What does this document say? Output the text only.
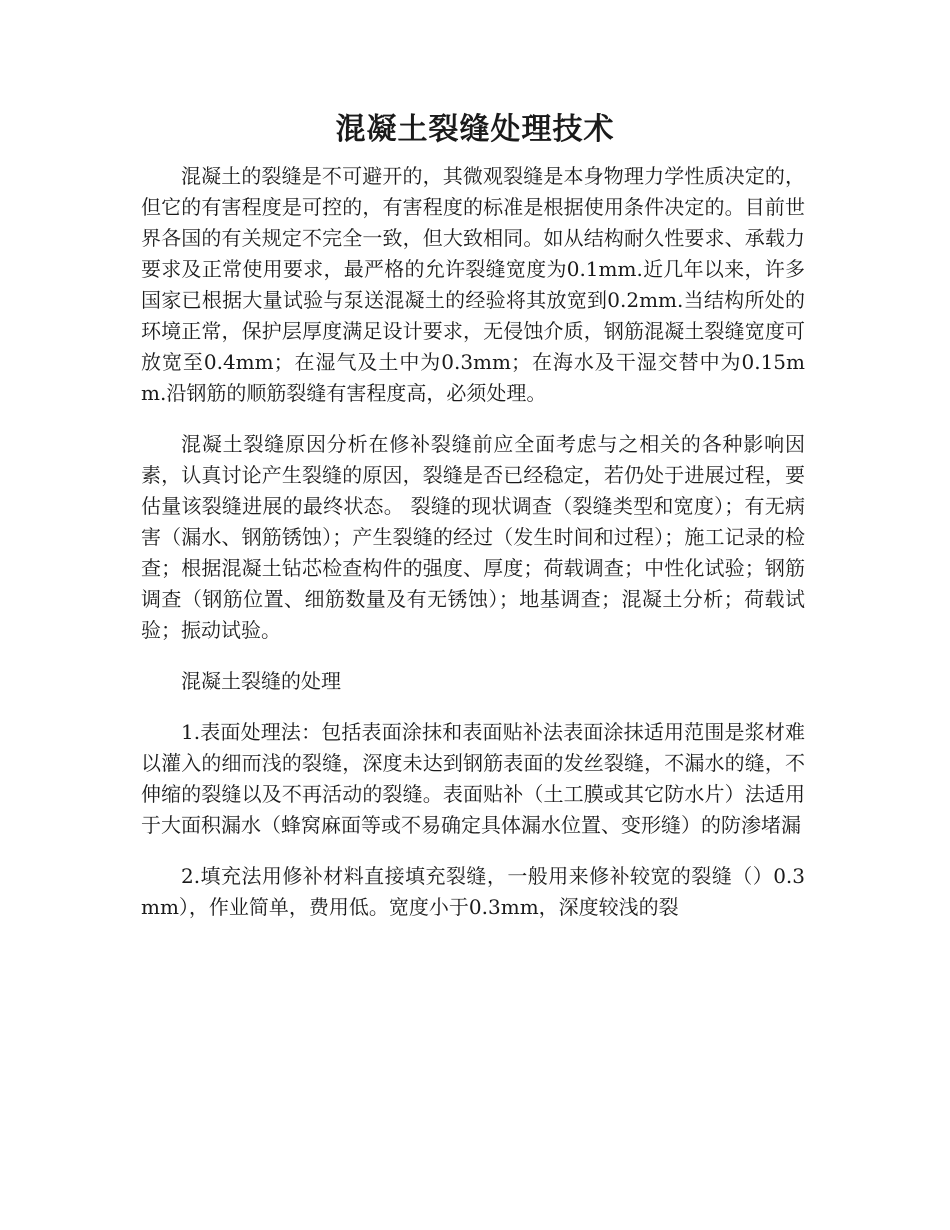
混凝土裂缝处理技术

混凝土的裂缝是不可避开的，其微观裂缝是本身物理力学性质决定的，但它的有害程度是可控的，有害程度的标准是根据使用条件决定的。目前世界各国的有关规定不完全一致，但大致相同。如从结构耐久性要求、承载力要求及正常使用要求，最严格的允许裂缝宽度为0.1mm.近几年以来，许多国家已根据大量试验与泵送混凝土的经验将其放宽到0.2mm.当结构所处的环境正常，保护层厚度满足设计要求，无侵蚀介质，钢筋混凝土裂缝宽度可放宽至0.4mm；在湿气及土中为0.3mm；在海水及干湿交替中为0.15mm.沿钢筋的顺筋裂缝有害程度高，必须处理。

混凝土裂缝原因分析在修补裂缝前应全面考虑与之相关的各种影响因素，认真讨论产生裂缝的原因，裂缝是否已经稳定，若仍处于进展过程，要估量该裂缝进展的最终状态。 裂缝的现状调查（裂缝类型和宽度）；有无病害（漏水、钢筋锈蚀）；产生裂缝的经过（发生时间和过程）；施工记录的检查；根据混凝土钻芯检查构件的强度、厚度；荷载调查；中性化试验；钢筋调查（钢筋位置、细筋数量及有无锈蚀）；地基调查；混凝土分析；荷载试验；振动试验。

混凝土裂缝的处理

1.表面处理法：包括表面涂抹和表面贴补法表面涂抹适用范围是浆材难以灌入的细而浅的裂缝，深度未达到钢筋表面的发丝裂缝，不漏水的缝，不伸缩的裂缝以及不再活动的裂缝。表面贴补（土工膜或其它防水片）法适用于大面积漏水（蜂窝麻面等或不易确定具体漏水位置、变形缝）的防渗堵漏

2.填充法用修补材料直接填充裂缝，一般用来修补较宽的裂缝（）0.3mm），作业简单，费用低。宽度小于0.3mm，深度较浅的裂
